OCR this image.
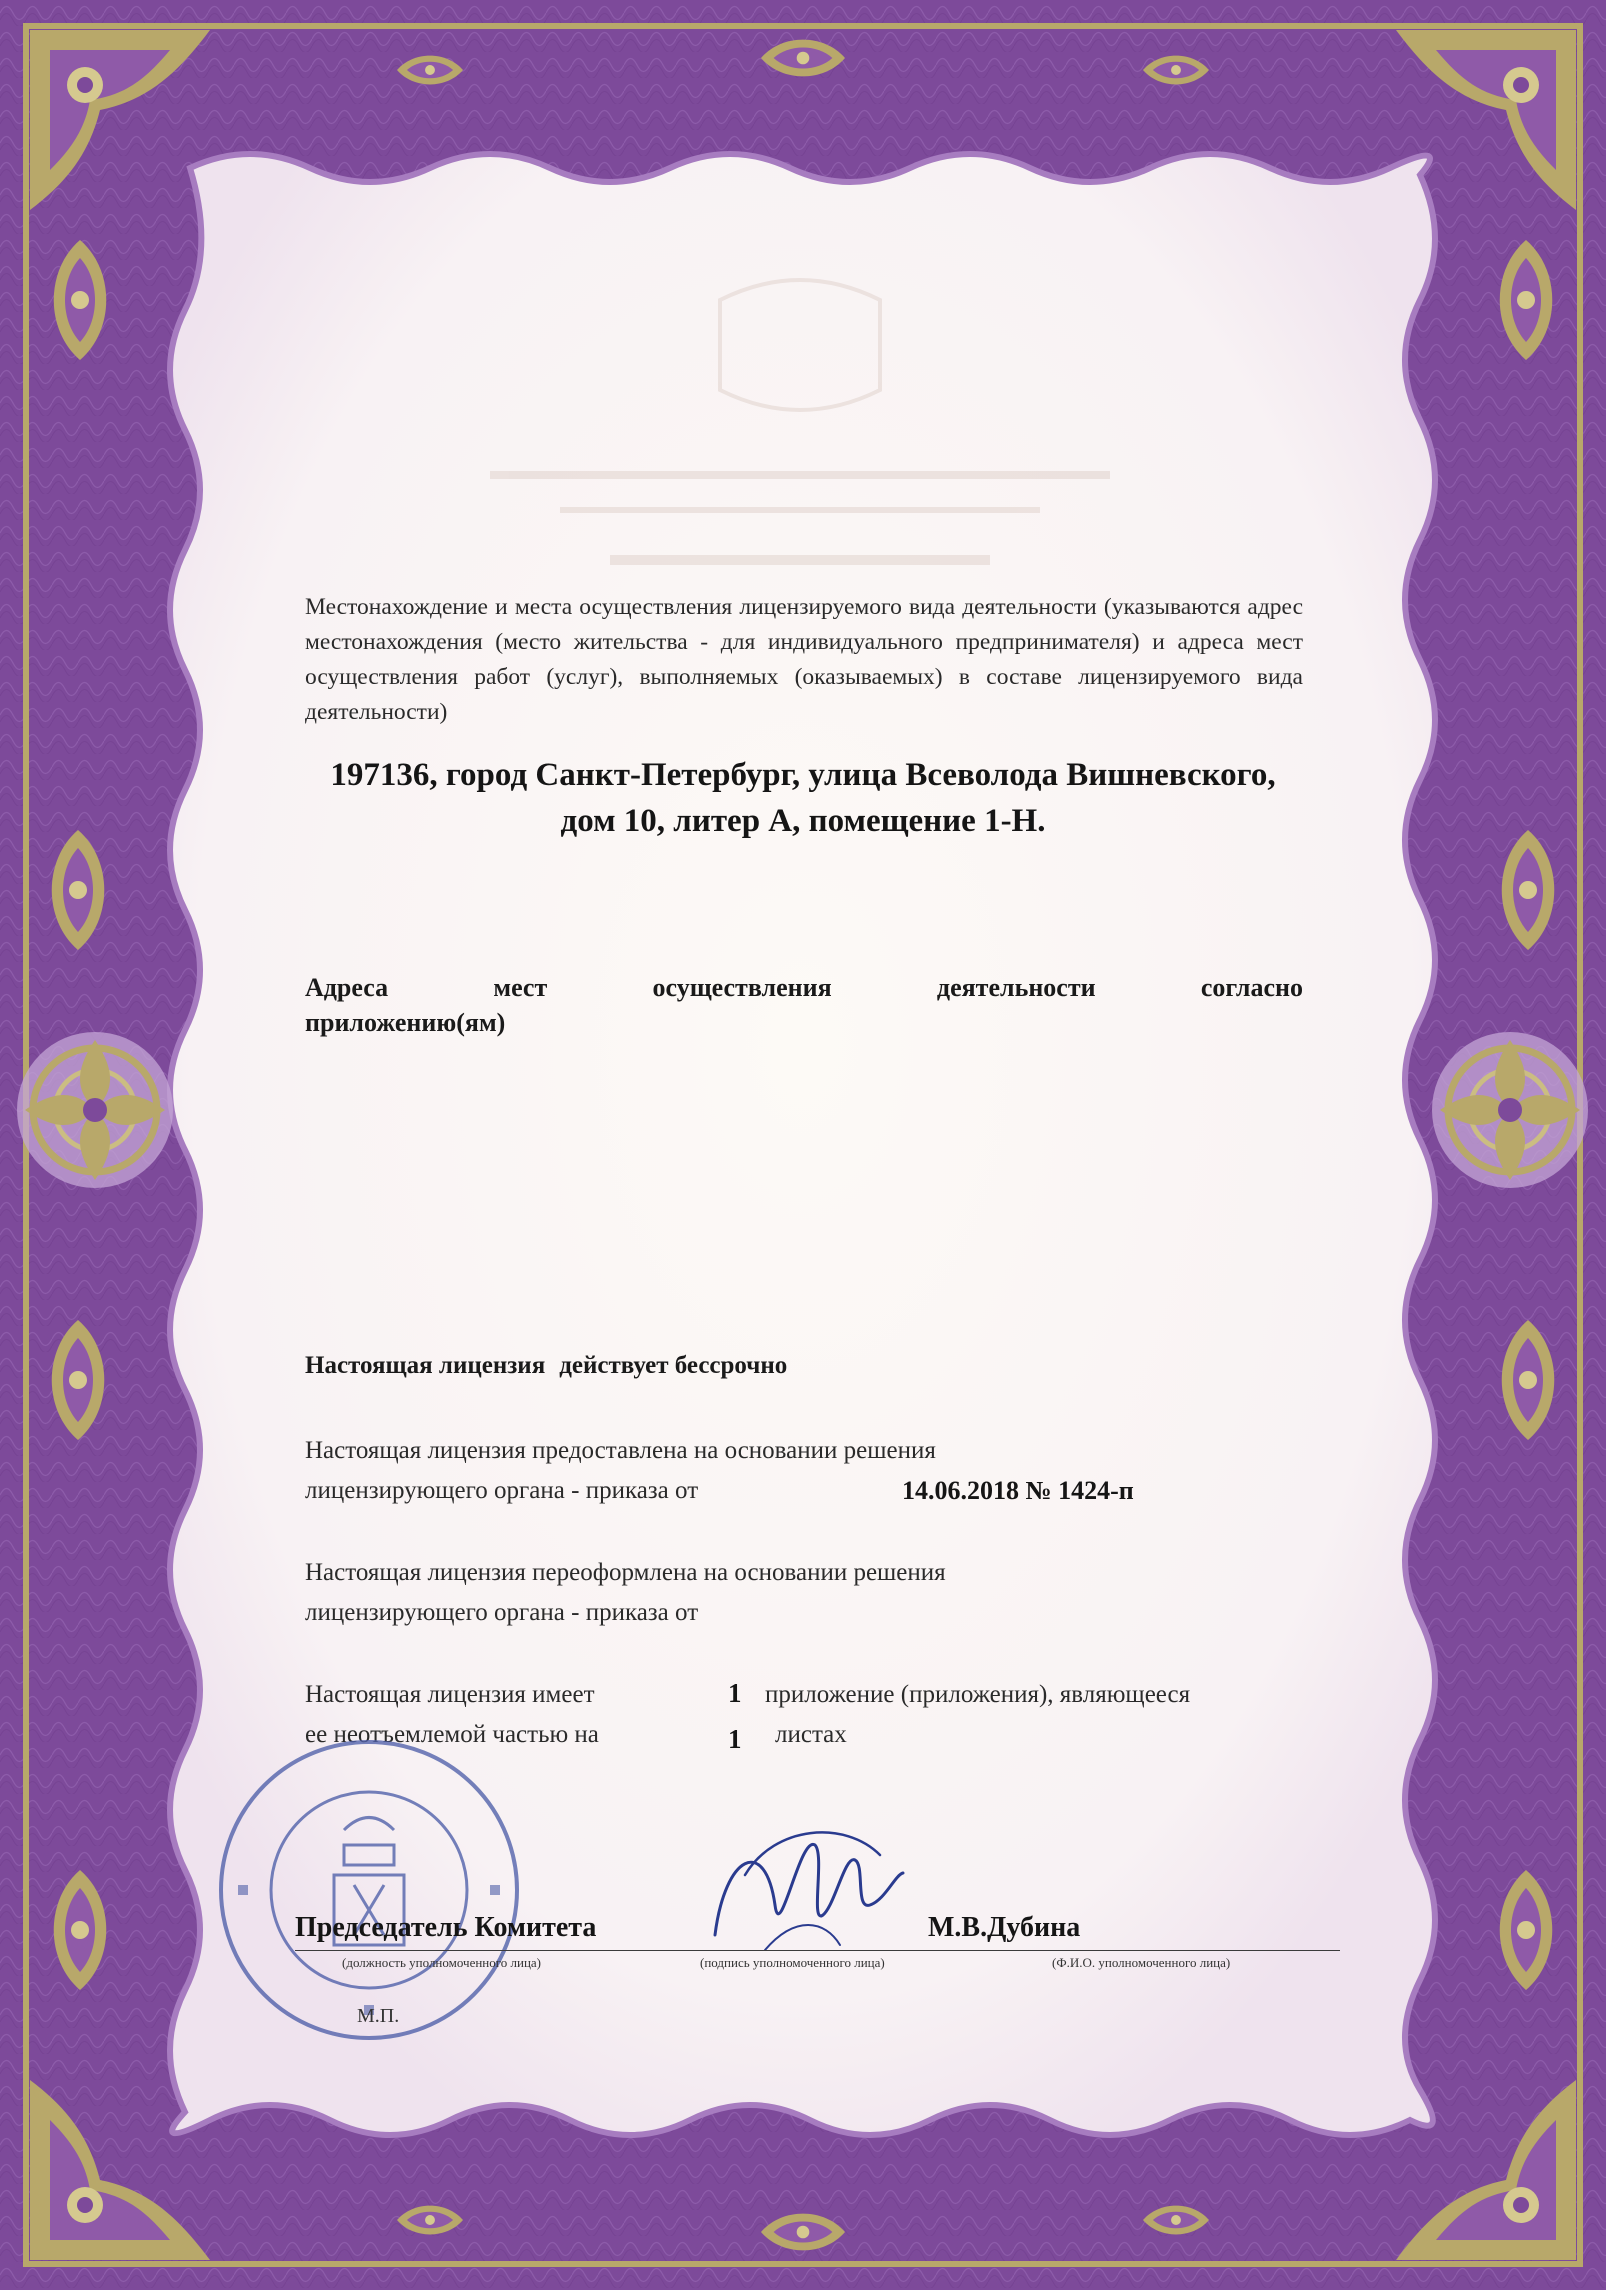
Местонахождение и места осуществления лицензируемого вида деятельности (указываются адрес местонахождения (место жительства - для индивидуального предпринимателя) и адреса мест осуществления работ (услуг), выполняемых (оказываемых) в составе лицензируемого вида деятельности)

197136, город Санкт-Петербург, улица Всеволода Вишневского,
дом 10, литер А, помещение 1-Н.
Адреса мест осуществления деятельности согласно
приложению(ям)
Настоящая лицензия действует бессрочно
Настоящая лицензия предоставлена на основании решения
лицензирующего органа - приказа от	14.06.2018 № 1424-п
Настоящая лицензия переоформлена на основании решения
лицензирующего органа - приказа от
Настоящая лицензия имеет	1 приложение (приложения), являющееся
ее неотъемлемой частью на	1 листах
Председатель Комитета	М.В.Дубина
(должность уполномоченного лица)	(подпись уполномоченного лица)	(Ф.И.О. уполномоченного лица)
М.П.
